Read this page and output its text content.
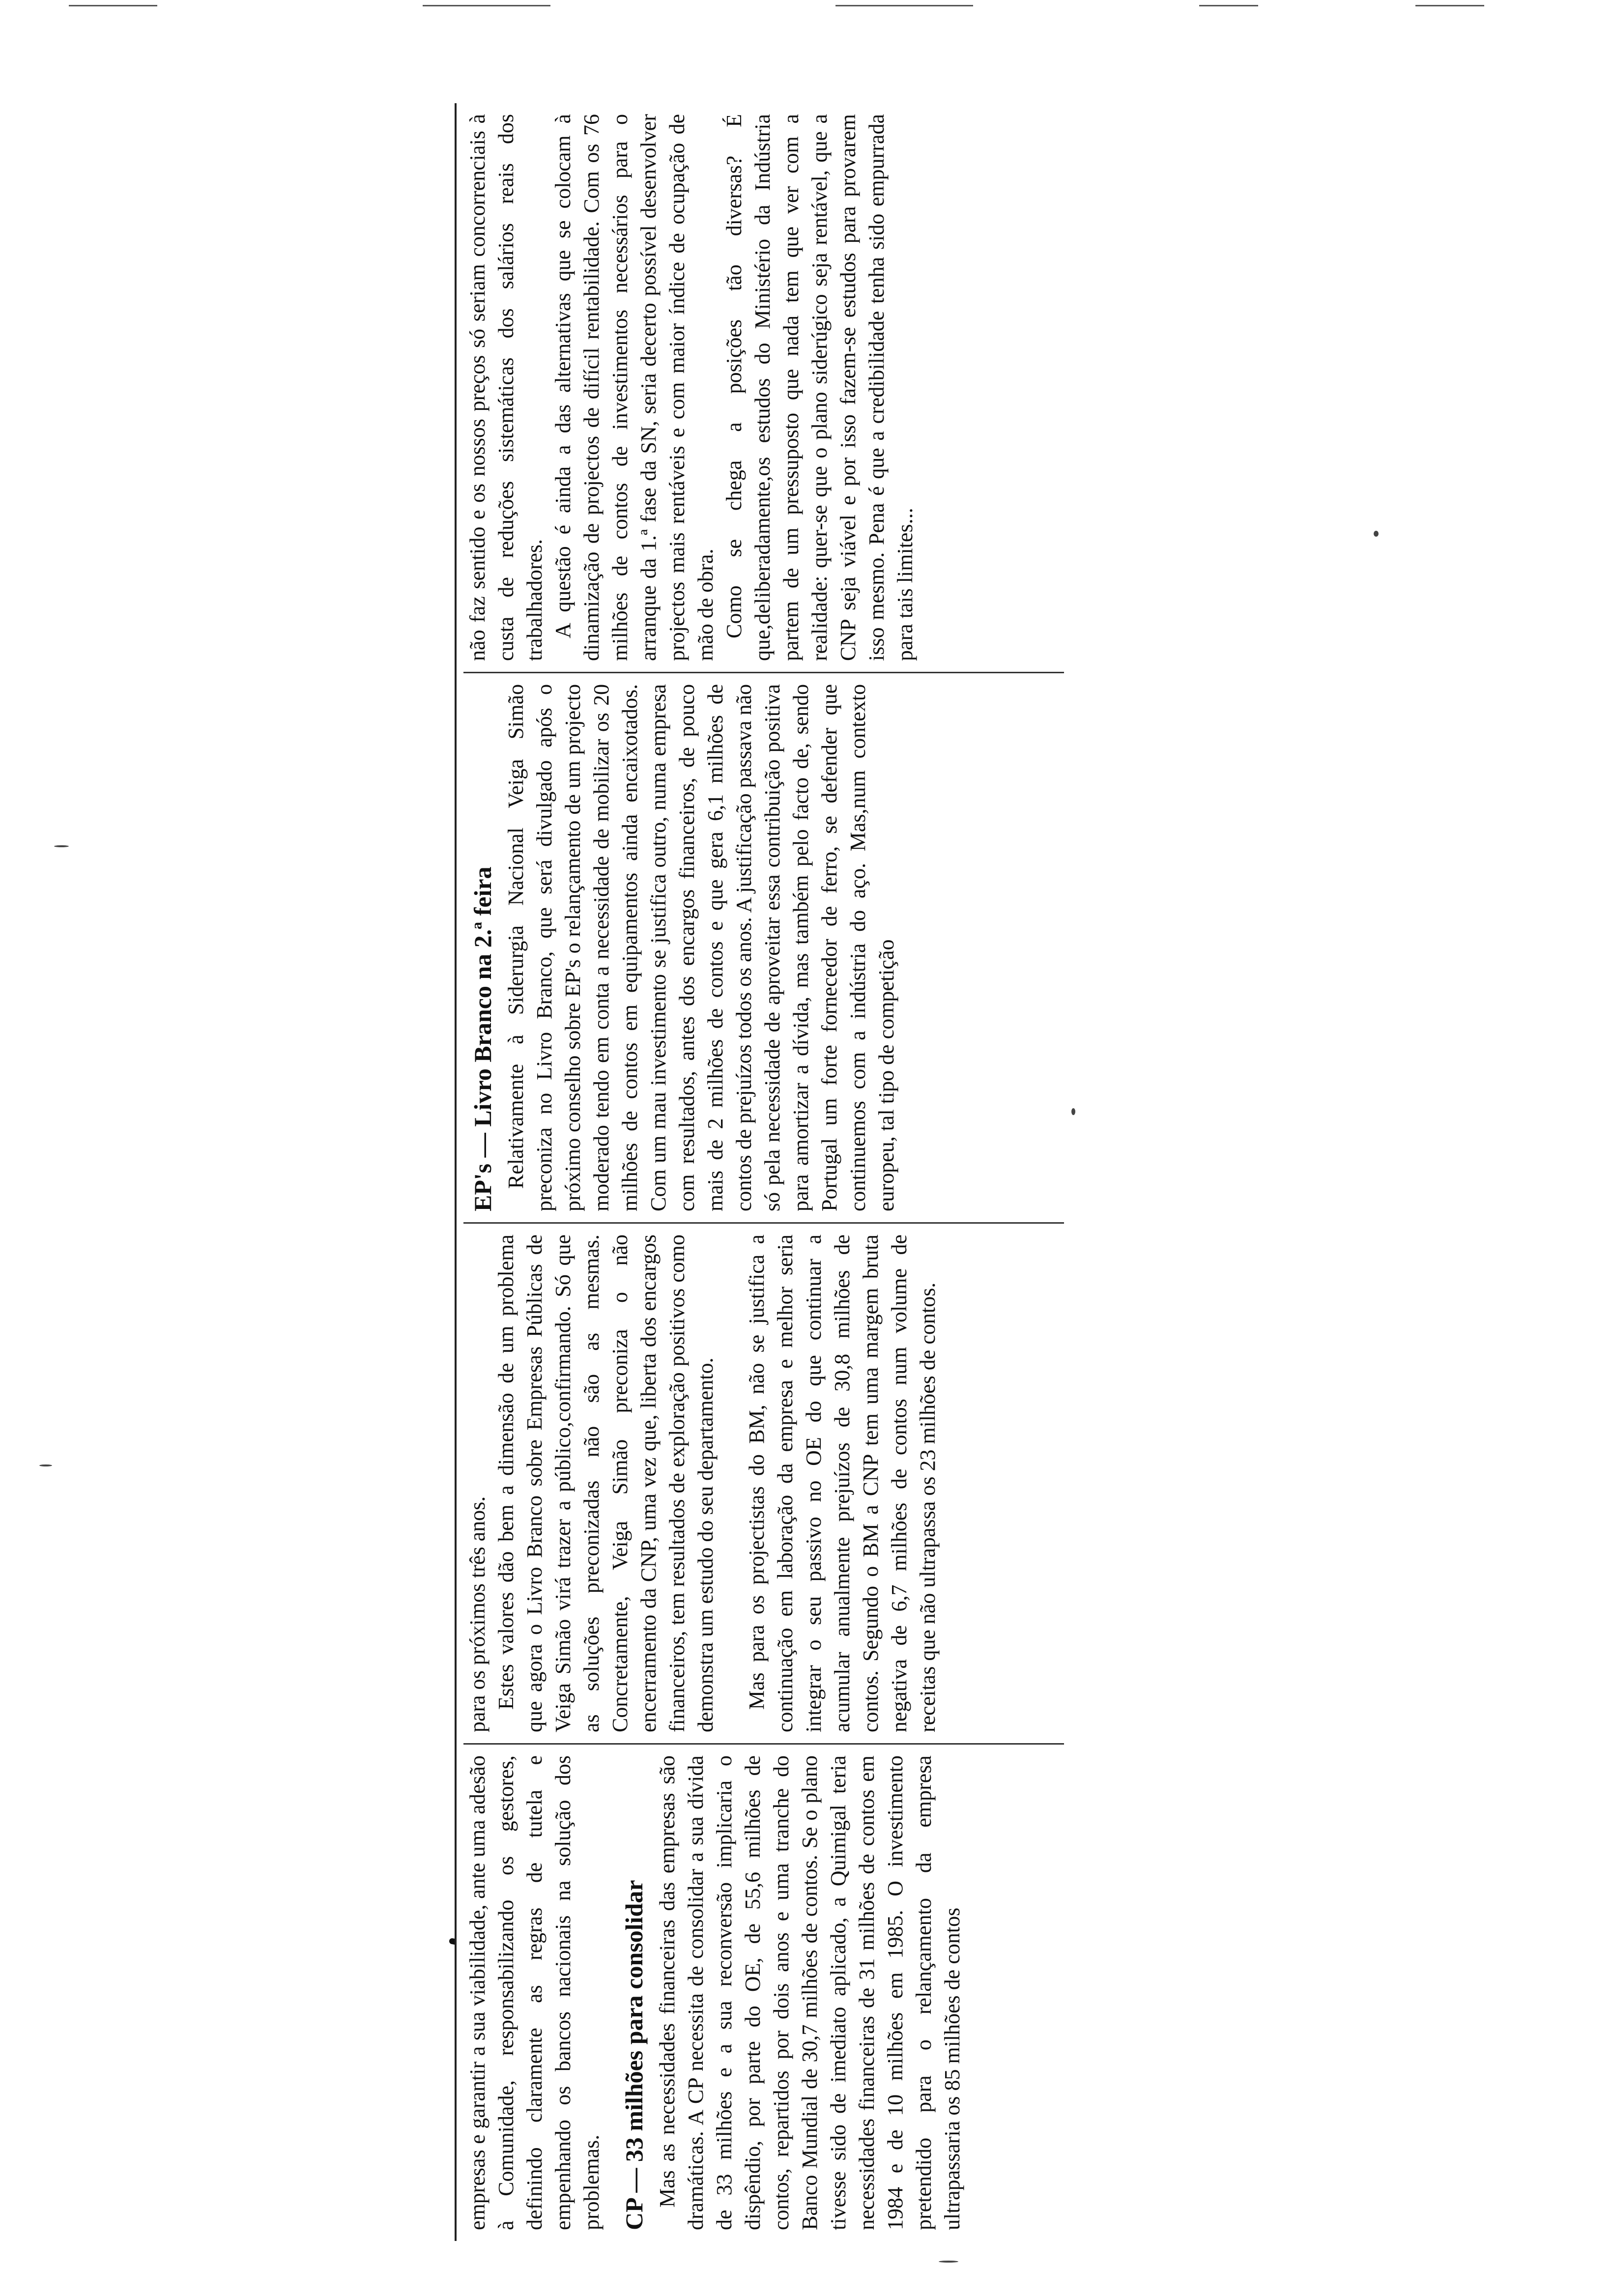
empresas e garantir a sua viabilidade, ante uma adesão à Comunidade, responsabilizando os gestores, definindo claramente as regras de tutela e empenhando os bancos nacionais na solução dos problemas. CP — 33 milhões para consolidar Mas as necessidades financeiras das empresas são dramáticas. A CP necessita de consolidar a sua dívida de 33 milhões e a sua reconversão implicaria o dispêndio, por parte do OE, de 55,6 milhões de contos, repartidos por dois anos e uma tranche do Banco Mundial de 30,7 milhões de contos. Se o plano tivesse sido de imediato aplicado, a Quimigal teria necessidades financeiras de 31 milhões de contos em 1984 e de 10 milhões em 1985. O investimento pretendido para o relançamento da empresa ultrapassaria os 85 milhões de contos

para os próximos três anos. Estes valores dão bem a dimensão de um problema que agora o Livro Branco sobre Empresas Públicas de Veiga Simão virá trazer a público,confirmando. Só que as soluções preconizadas não são as mesmas. Concretamente, Veiga Simão preconiza o não encerramento da CNP, uma vez que, liberta dos encargos financeiros, tem resultados de exploração positivos como demonstra um estudo do seu departamento. Mas para os projectistas do BM, não se justifica a continuação em laboração da empresa e melhor seria integrar o seu passivo no OE do que continuar a acumular anualmente prejuízos de 30,8 milhões de contos. Segundo o BM a CNP tem uma margem bruta negativa de 6,7 milhões de contos num volume de receitas que não ultrapassa os 23 milhões de contos.

EP's — Livro Branco na 2.ª feira Relativamente à Siderurgia Nacional Veiga Simão preconiza no Livro Branco, que será divulgado após o próximo conselho sobre EP's o relançamento de um projecto moderado tendo em conta a necessidade de mobilizar os 20 milhões de contos em equipamentos ainda encaixotados. Com um mau investimento se justifica outro, numa empresa com resultados, antes dos encargos financeiros, de pouco mais de 2 milhões de contos e que gera 6,1 milhões de contos de prejuízos todos os anos. A justificação passava não só pela necessidade de aproveitar essa contribuição positiva para amortizar a dívida, mas também pelo facto de, sendo Portugal um forte fornecedor de ferro, se defender que continuemos com a indústria do aço. Mas,num contexto europeu, tal tipo de competição

não faz sentido e os nossos preços só seriam concorrenciais à custa de reduções sistemáticas dos salários reais dos trabalhadores. A questão é ainda a das alternativas que se colocam à dinamização de projectos de difícil rentabilidade. Com os 76 milhões de contos de investimentos necessários para o arranque da 1.ª fase da SN, seria decerto possível desenvolver projectos mais rentáveis e com maior índice de ocupação de mão de obra. Como se chega a posições tão diversas? É que,deliberadamente,os estudos do Ministério da Indústria partem de um pressuposto que nada tem que ver com a realidade: quer-se que o plano siderúgico seja rentável, que a CNP seja viável e por isso fazem-se estudos para provarem isso mesmo. Pena é que a credibilidade tenha sido empurrada para tais limites...
